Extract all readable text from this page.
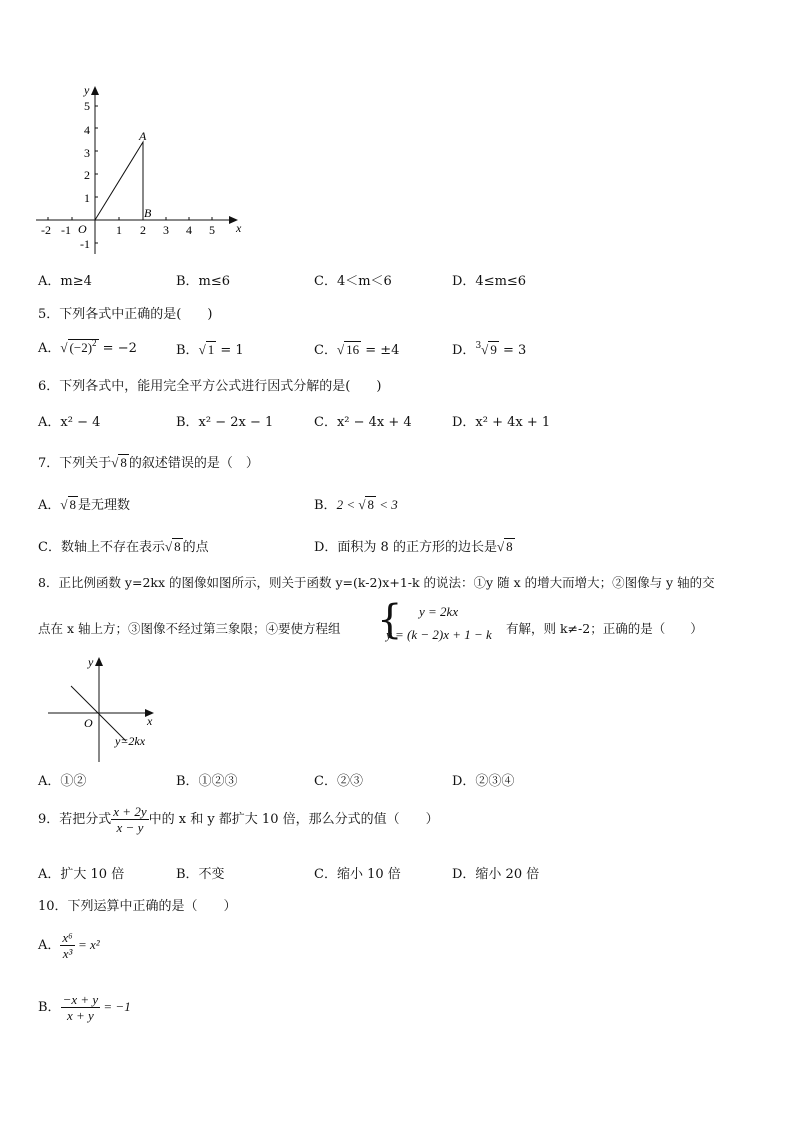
y
x
O
5
4
3
2
1
-1
-2 -1	1 2 3 4 5
A
B
A．m≥4	B．m≤6	C．4＜m＜6	D．4≤m≤6
5．下列各式中正确的是(　　)
A．√ $(-2)^2 = -2$	B．√ 1 = 1	C．√ 16 = ±4	D．$^3$√ 9 = 3
6．下列各式中，能用完全平方公式进行因式分解的是(　　)
A．x² − 4	B．x² − 2x − 1	C．x² − 4x + 4	D．x² + 4x + 1
7．下列关于√ 8 的叙述错误的是（　）
A．√ 8 是无理数	B．2 < √ 8 < 3
C．数轴上不存在表示√ 8 的点	D．面积为 8 的正方形的边长是√ 8
8．正比例函数 y=2kx 的图像如图所示，则关于函数 y=(k-2)x+1-k 的说法：①y 随 x 的增大而增大；②图像与 y 轴的交
点在 x 轴上方；③图像不经过第三象限；④要使方程组 { y = 2kx
y = (k − 2)x + 1 − k 有解，则 k≠-2；正确的是（　　）
y
x
O
y=2kx
A．①②	B．①②③	C．②③	D．②③④
9．若把分式 $\frac{x + 2y}{x - y}$ 中的 x 和 y 都扩大 10 倍，那么分式的值（　　）
A．扩大 10 倍	B．不变	C．缩小 10 倍	D．缩小 20 倍
10．下列运算中正确的是（　　）
A． $\frac{\text{x⁶}}{\text{x³}} = x^2$
B． $\frac{-x + y}{x + y} = -1$
